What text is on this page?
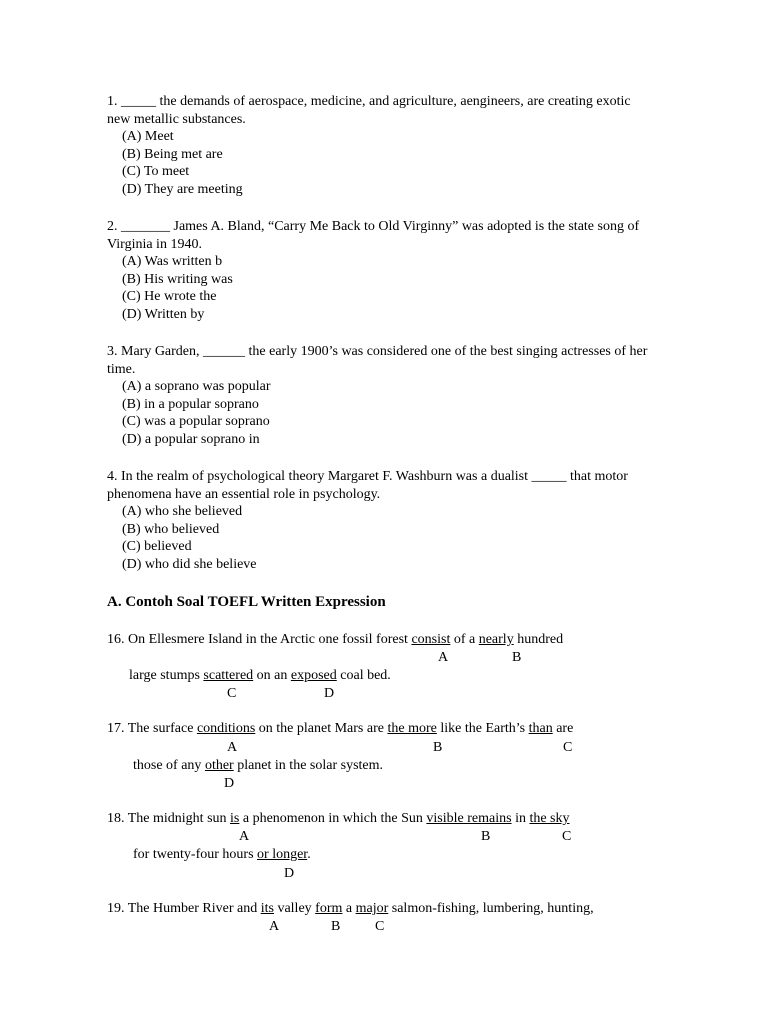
1. _____ the demands of aerospace, medicine, and agriculture, aengineers, are creating exotic
new metallic substances.
(A) Meet
(B) Being met are
(C) To meet
(D) They are meeting
2. _______ James A. Bland, “Carry Me Back to Old Virginny” was adopted is the state song of
Virginia in 1940.
(A) Was written b
(B) His writing was
(C) He wrote the
(D) Written by
3. Mary Garden, ______ the early 1900’s was considered one of the best singing actresses of her
time.
(A) a soprano was popular
(B) in a popular soprano
(C) was a popular soprano
(D) a popular soprano in
4. In the realm of psychological theory Margaret F. Washburn was a dualist _____ that motor
phenomena have an essential role in psychology.
(A) who she believed
(B) who believed
(C) believed
(D) who did she believe
A. Contoh Soal TOEFL Written Expression
16. On Ellesmere Island in the Arctic one fossil forest consist of a nearly hundred
A	B
large stumps scattered on an exposed coal bed.
C	D
17. The surface conditions on the planet Mars are the more like the Earth’s than are
A	B	C
those of any other planet in the solar system.
D
18. The midnight sun is a phenomenon in which the Sun visible remains in the sky
A	B	C
for twenty-four hours or longer.
D
19. The Humber River and its valley form a major salmon-fishing, lumbering, hunting,
A	B C
